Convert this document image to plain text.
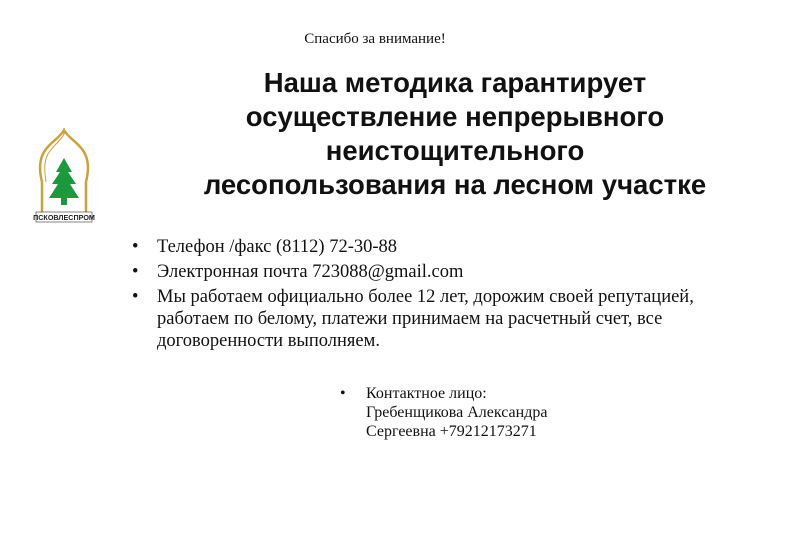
Спасибо за внимание!
Наша методика гарантирует
осуществление непрерывного
неистощительного
лесопользования на лесном участке
ПСКОВЛЕСПРОМ
• Телефон /факс (8112) 72-30-88
• Электронная почта 723088@gmail.com
• Мы работаем официально более 12 лет, дорожим своей репутацией, работаем по белому, платежи принимаем на расчетный счет, все договоренности выполняем.
• Контактное лицо:
Гребенщикова Александра
Сергеевна +79212173271
